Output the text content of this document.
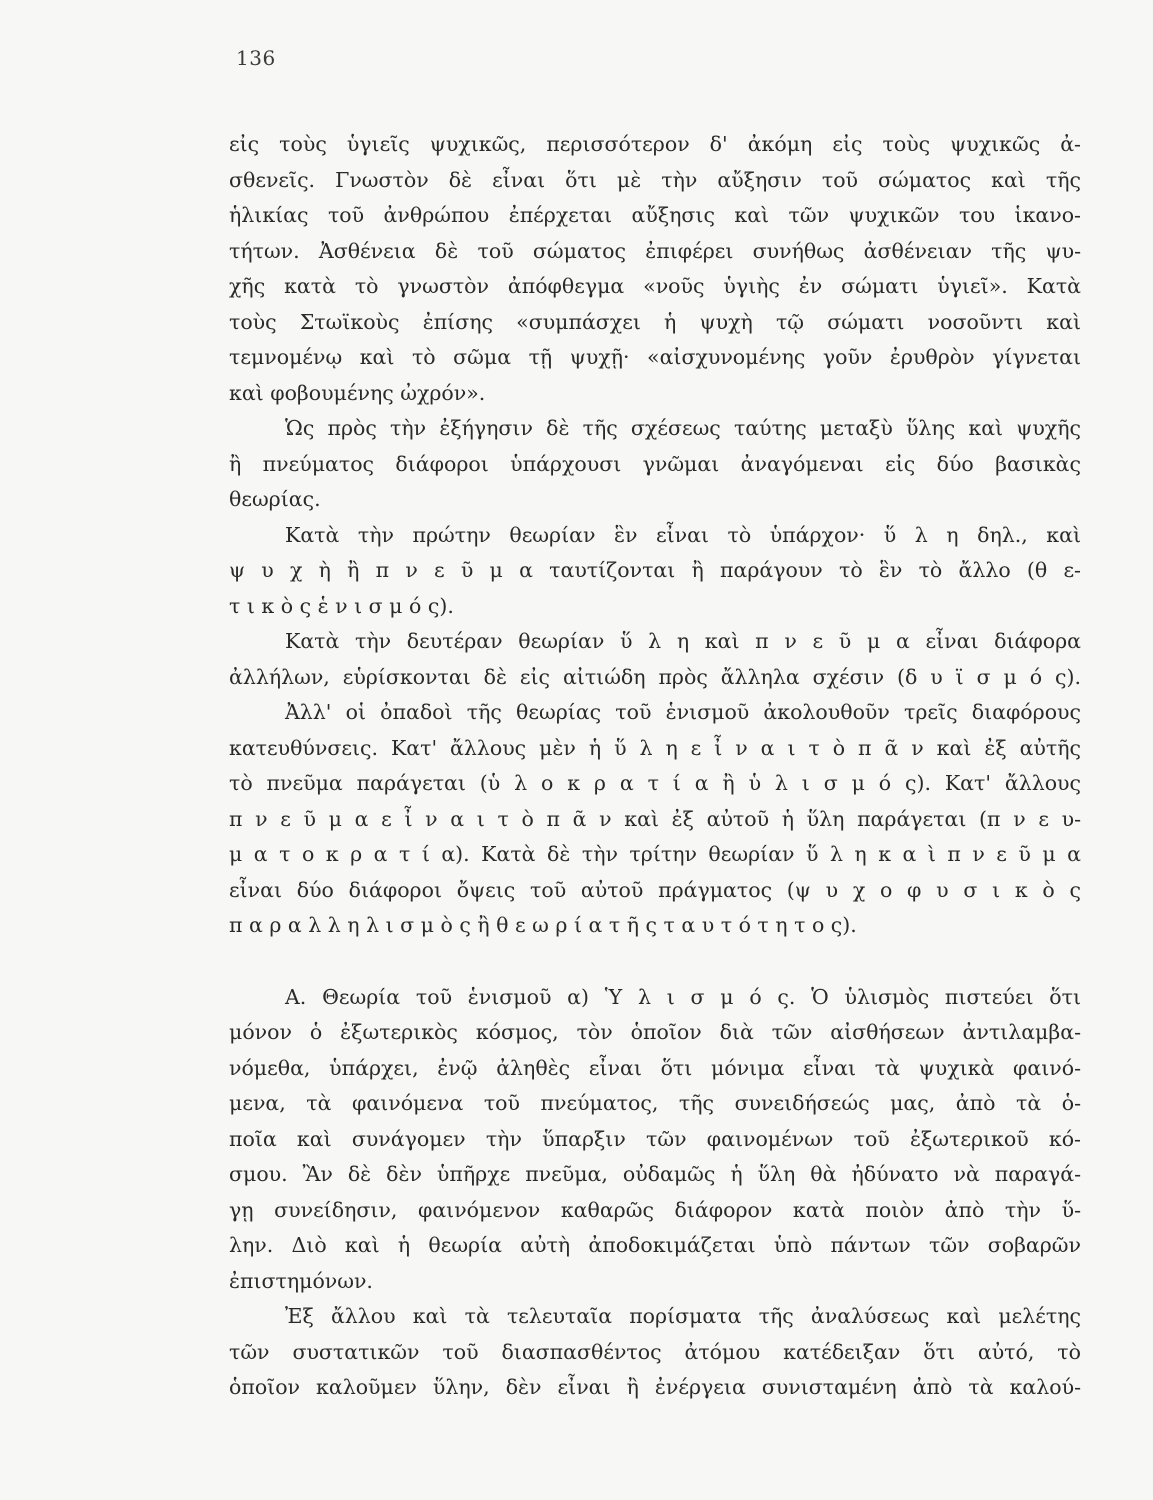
136
εἰς τοὺς ὑγιεῖς ψυχικῶς, περισσότερον δ' ἀκόμη εἰς τοὺς ψυχικῶς ἀ-
σθενεῖς. Γνωστὸν δὲ εἶναι ὅτι μὲ τὴν αὔξησιν τοῦ σώματος καὶ τῆς
ἡλικίας τοῦ ἀνθρώπου ἐπέρχεται αὔξησις καὶ τῶν ψυχικῶν του ἱκανο-
τήτων. Ἀσθένεια δὲ τοῦ σώματος ἐπιφέρει συνήθως ἀσθένειαν τῆς ψυ-
χῆς κατὰ τὸ γνωστὸν ἀπόφθεγμα «νοῦς ὑγιὴς ἐν σώματι ὑγιεῖ». Κατὰ
τοὺς Στωϊκοὺς ἐπίσης «συμπάσχει ἡ ψυχὴ τῷ σώματι νοσοῦντι καὶ
τεμνομένῳ καὶ τὸ σῶμα τῇ ψυχῇ· «αἰσχυνομένης γοῦν ἐρυθρὸν γίγνεται
καὶ φοβουμένης ὠχρόν».
Ὡς πρὸς τὴν ἐξήγησιν δὲ τῆς σχέσεως ταύτης μεταξὺ ὕλης καὶ ψυχῆς
ἢ πνεύματος διάφοροι ὑπάρχουσι γνῶμαι ἀναγόμεναι εἰς δύο βασικὰς
θεωρίας.
Κατὰ τὴν πρώτην θεωρίαν ἓν εἶναι τὸ ὑπάρχον· ὕ λ η δηλ., καὶ
ψ υ χ ὴ ἢ π ν ε ῦ μ α ταυτίζονται ἢ παράγουν τὸ ἓν τὸ ἄλλο (θ ε-
τ ι κ ὸ ς ἑ ν ι σ μ ό ς).
Κατὰ τὴν δευτέραν θεωρίαν ὕ λ η καὶ π ν ε ῦ μ α εἶναι διάφορα
ἀλλήλων, εὑρίσκονται δὲ εἰς αἰτιώδη πρὸς ἄλληλα σχέσιν (δ υ ϊ σ μ ό ς).
Ἀλλ' οἱ ὀπαδοὶ τῆς θεωρίας τοῦ ἑνισμοῦ ἀκολουθοῦν τρεῖς διαφόρους
κατευθύνσεις. Κατ' ἄλλους μὲν ἡ ὕ λ η ε ἶ ν α ι τ ὸ π ᾶ ν καὶ ἐξ αὐτῆς
τὸ πνεῦμα παράγεται (ὑ λ ο κ ρ α τ ί α ἢ ὑ λ ι σ μ ό ς). Κατ' ἄλλους
π ν ε ῦ μ α ε ἶ ν α ι τ ὸ π ᾶ ν καὶ ἐξ αὐτοῦ ἡ ὕλη παράγεται (π ν ε υ-
μ α τ ο κ ρ α τ ί α). Κατὰ δὲ τὴν τρίτην θεωρίαν ὕ λ η κ α ὶ π ν ε ῦ μ α
εἶναι δύο διάφοροι ὄψεις τοῦ αὐτοῦ πράγματος (ψ υ χ ο φ υ σ ι κ ὸ ς
π α ρ α λ λ η λ ι σ μ ὸ ς ἢ θ ε ω ρ ί α τ ῆ ς τ α υ τ ό τ η τ ο ς).
Α. Θεωρία τοῦ ἑνισμοῦ α) Ὑ λ ι σ μ ό ς. Ὁ ὑλισμὸς πιστεύει ὅτι
μόνον ὁ ἐξωτερικὸς κόσμος, τὸν ὁποῖον διὰ τῶν αἰσθήσεων ἀντιλαμβα-
νόμεθα, ὑπάρχει, ἐνῷ ἀληθὲς εἶναι ὅτι μόνιμα εἶναι τὰ ψυχικὰ φαινό-
μενα, τὰ φαινόμενα τοῦ πνεύματος, τῆς συνειδήσεώς μας, ἀπὸ τὰ ὁ-
ποῖα καὶ συνάγομεν τὴν ὕπαρξιν τῶν φαινομένων τοῦ ἐξωτερικοῦ κό-
σμου. Ἂν δὲ δὲν ὑπῆρχε πνεῦμα, οὐδαμῶς ἡ ὕλη θὰ ἠδύνατο νὰ παραγά-
γῃ συνείδησιν, φαινόμενον καθαρῶς διάφορον κατὰ ποιὸν ἀπὸ τὴν ὕ-
λην. Διὸ καὶ ἡ θεωρία αὐτὴ ἀποδοκιμάζεται ὑπὸ πάντων τῶν σοβαρῶν
ἐπιστημόνων.
Ἐξ ἄλλου καὶ τὰ τελευταῖα πορίσματα τῆς ἀναλύσεως καὶ μελέτης
τῶν συστατικῶν τοῦ διασπασθέντος ἀτόμου κατέδειξαν ὅτι αὐτό, τὸ
ὁποῖον καλοῦμεν ὕλην, δὲν εἶναι ἢ ἐνέργεια συνισταμένη ἀπὸ τὰ καλού-
